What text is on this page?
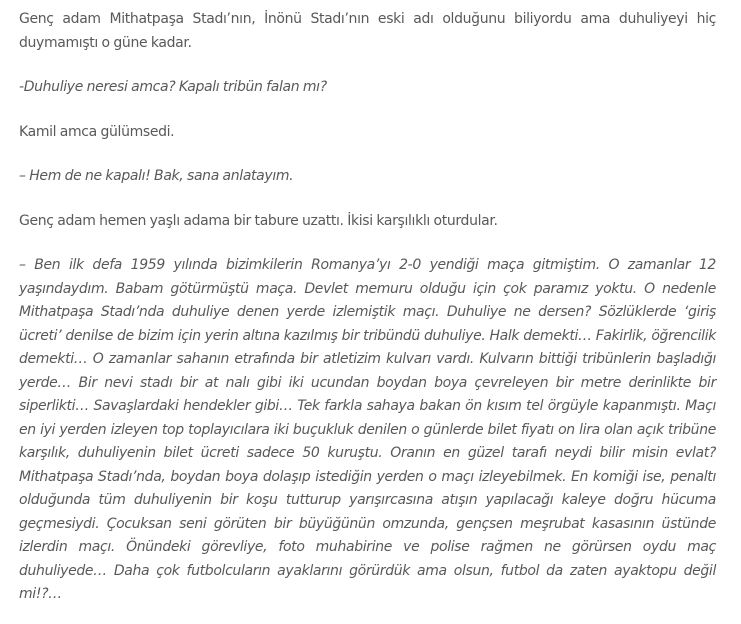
Genç adam Mithatpaşa Stadı’nın, İnönü Stadı’nın eski adı olduğunu biliyordu ama duhuliyeyi hiç duymamıştı o güne kadar.

-Duhuliye neresi amca? Kapalı tribün falan mı?

Kamil amca gülümsedi.

– Hem de ne kapalı! Bak, sana anlatayım.

Genç adam hemen yaşlı adama bir tabure uzattı. İkisi karşılıklı oturdular.

– Ben ilk defa 1959 yılında bizimkilerin Romanya’yı 2-0 yendiği maça gitmiştim. O zamanlar 12 yaşındaydım. Babam götürmüştü maça. Devlet memuru olduğu için çok paramız yoktu. O nedenle Mithatpaşa Stadı’nda duhuliye denen yerde izlemiştik maçı. Duhuliye ne dersen? Sözlüklerde ‘giriş ücreti’ denilse de bizim için yerin altına kazılmış bir tribündü duhuliye. Halk demekti… Fakirlik, öğrencilik demekti… O zamanlar sahanın etrafında bir atletizim kulvarı vardı. Kulvarın bittiği tribünlerin başladığı yerde… Bir nevi stadı bir at nalı gibi iki ucundan boydan boya çevreleyen bir metre derinlikte bir siperlikti… Savaşlardaki hendekler gibi… Tek farkla sahaya bakan ön kısım tel örgüyle kapanmıştı. Maçı en iyi yerden izleyen top toplayıcılara iki buçukluk denilen o günlerde bilet fiyatı on lira olan açık tribüne karşılık, duhuliyenin bilet ücreti sadece 50 kuruştu. Oranın en güzel tarafı neydi bilir misin evlat? Mithatpaşa Stadı’nda, boydan boya dolaşıp istediğin yerden o maçı izleyebilmek. En komiği ise, penaltı olduğunda tüm duhuliyenin bir koşu tutturup yarışırcasına atışın yapılacağı kaleye doğru hücuma geçmesiydi. Çocuksan seni görüten bir büyüğünün omzunda, gençsen meşrubat kasasının üstünde izlerdin maçı. Önündeki görevliye, foto muhabirine ve polise rağmen ne görürsen oydu maç duhuliyede… Daha çok futbolcuların ayaklarını görürdük ama olsun, futbol da zaten ayaktopu değil mi!?…
